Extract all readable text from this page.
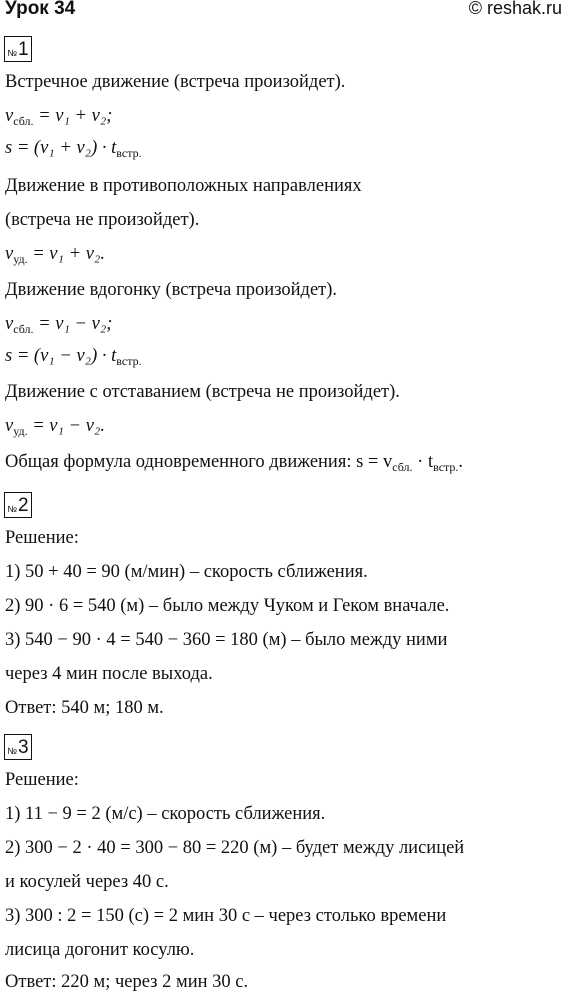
Урок 34	© reshak.ru
№ 1
Встречное движение (встреча произойдет).
$v_{сбл.} = v_1 + v_2$;
$s = (v_1 + v_2) \cdot t_{встр.}$
Движение в противоположных направлениях
(встреча не произойдет).
$v_{уд.} = v_1 + v_2$.
Движение вдогонку (встреча произойдет).
$v_{сбл.} = v_1 - v_2$;
$s = (v_1 - v_2) \cdot t_{встр.}$
Движение с отставанием (встреча не произойдет).
$v_{уд.} = v_1 - v_2$.
Общая формула одновременного движения: $s = v_{сбл.} \cdot t_{встр.}$.
№ 2
Решение:
1) 50 + 40 = 90 (м/мин) – скорость сближения.
2) 90 · 6 = 540 (м) – было между Чуком и Геком вначале.
3) 540 − 90 · 4 = 540 − 360 = 180 (м) – было между ними
через 4 мин после выхода.
Ответ: 540 м; 180 м.
№ 3
Решение:
1) 11 − 9 = 2 (м/с) – скорость сближения.
2) 300 − 2 · 40 = 300 − 80 = 220 (м) – будет между лисицей
и косулей через 40 с.
3) 300 : 2 = 150 (с) = 2 мин 30 с – через столько времени
лисица догонит косулю.
Ответ: 220 м; через 2 мин 30 с.
